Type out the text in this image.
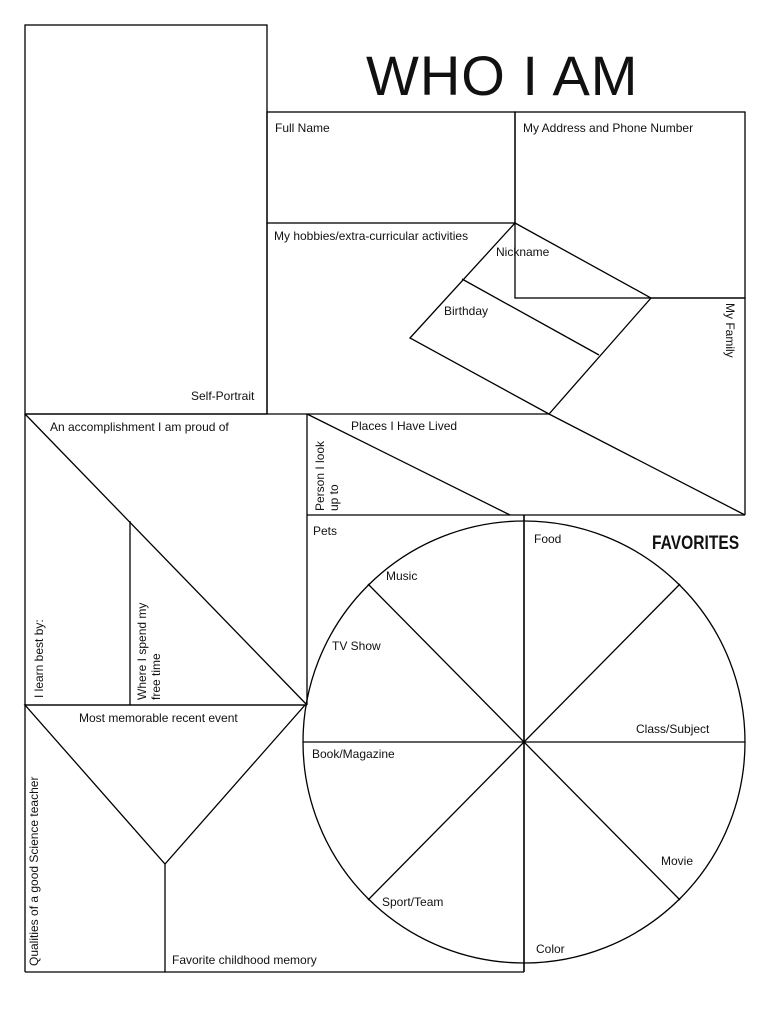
WHO I AM
FAVORITES
Self-Portrait
Full Name	My Address and Phone Number
My hobbies/extra-curricular activities
Nickname
Birthday	My Family
An accomplishment I am proud of	Places I Have Lived
Person I look
up to
I learn best by:	Where I spend my
free time
Most memorable recent event
Qualities of a good Science teacher	Favorite childhood memory
Pets
Food
Music
TV Show
Class/Subject
Book/Magazine
Movie
Sport/Team
Color
